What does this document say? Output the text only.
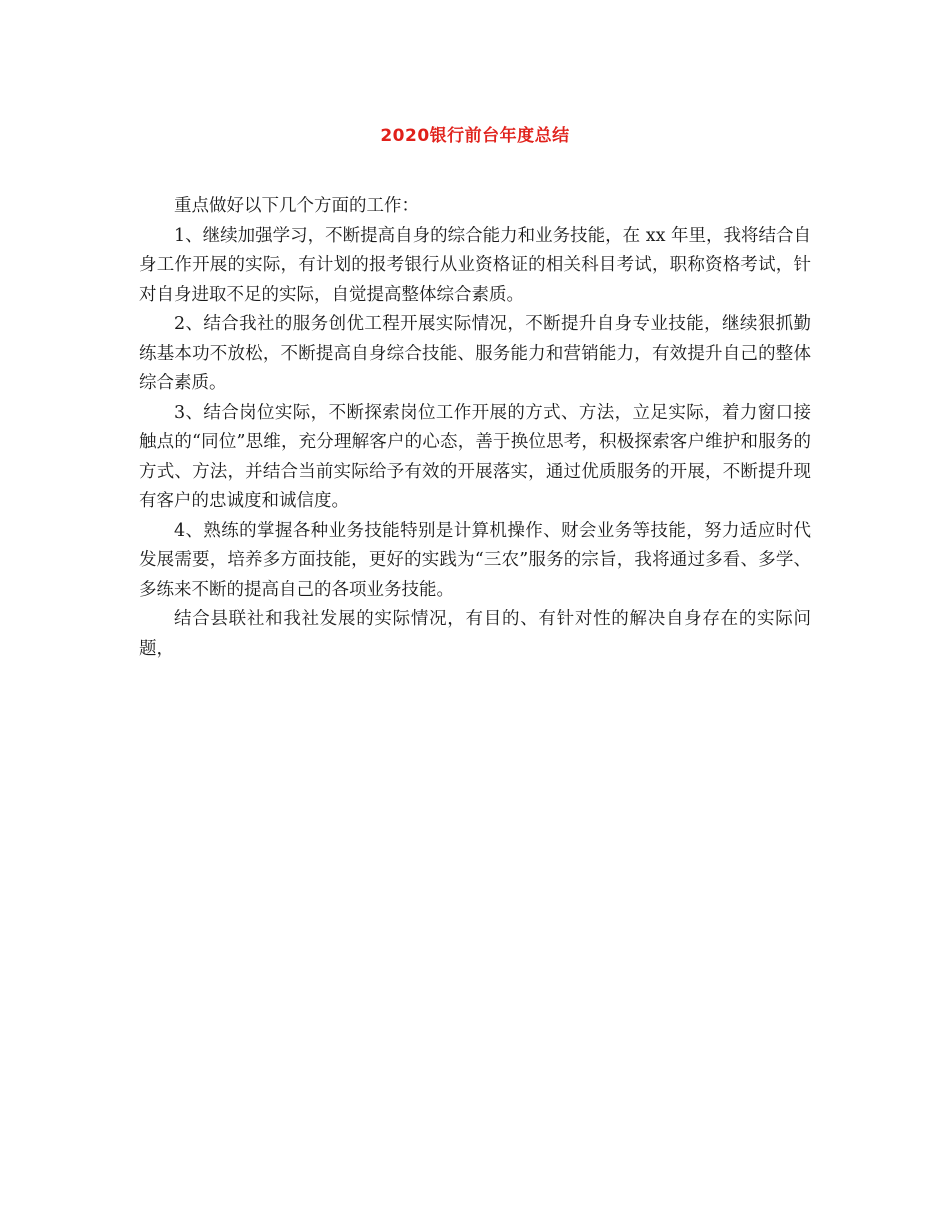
2020银行前台年度总结

重点做好以下几个方面的工作：

1、继续加强学习，不断提高自身的综合能力和业务技能，在 xx 年里，我将结合自身工作开展的实际，有计划的报考银行从业资格证的相关科目考试，职称资格考试，针对自身进取不足的实际，自觉提高整体综合素质。

2、结合我社的服务创优工程开展实际情况，不断提升自身专业技能，继续狠抓勤练基本功不放松，不断提高自身综合技能、服务能力和营销能力，有效提升自己的整体综合素质。

3、结合岗位实际，不断探索岗位工作开展的方式、方法，立足实际，着力窗口接触点的“同位”思维，充分理解客户的心态，善于换位思考，积极探索客户维护和服务的方式、方法，并结合当前实际给予有效的开展落实，通过优质服务的开展，不断提升现有客户的忠诚度和诚信度。

4、熟练的掌握各种业务技能特别是计算机操作、财会业务等技能，努力适应时代发展需要，培养多方面技能，更好的实践为“三农”服务的宗旨，我将通过多看、多学、多练来不断的提高自己的各项业务技能。

结合县联社和我社发展的实际情况，有目的、有针对性的解决自身存在的实际问题，
